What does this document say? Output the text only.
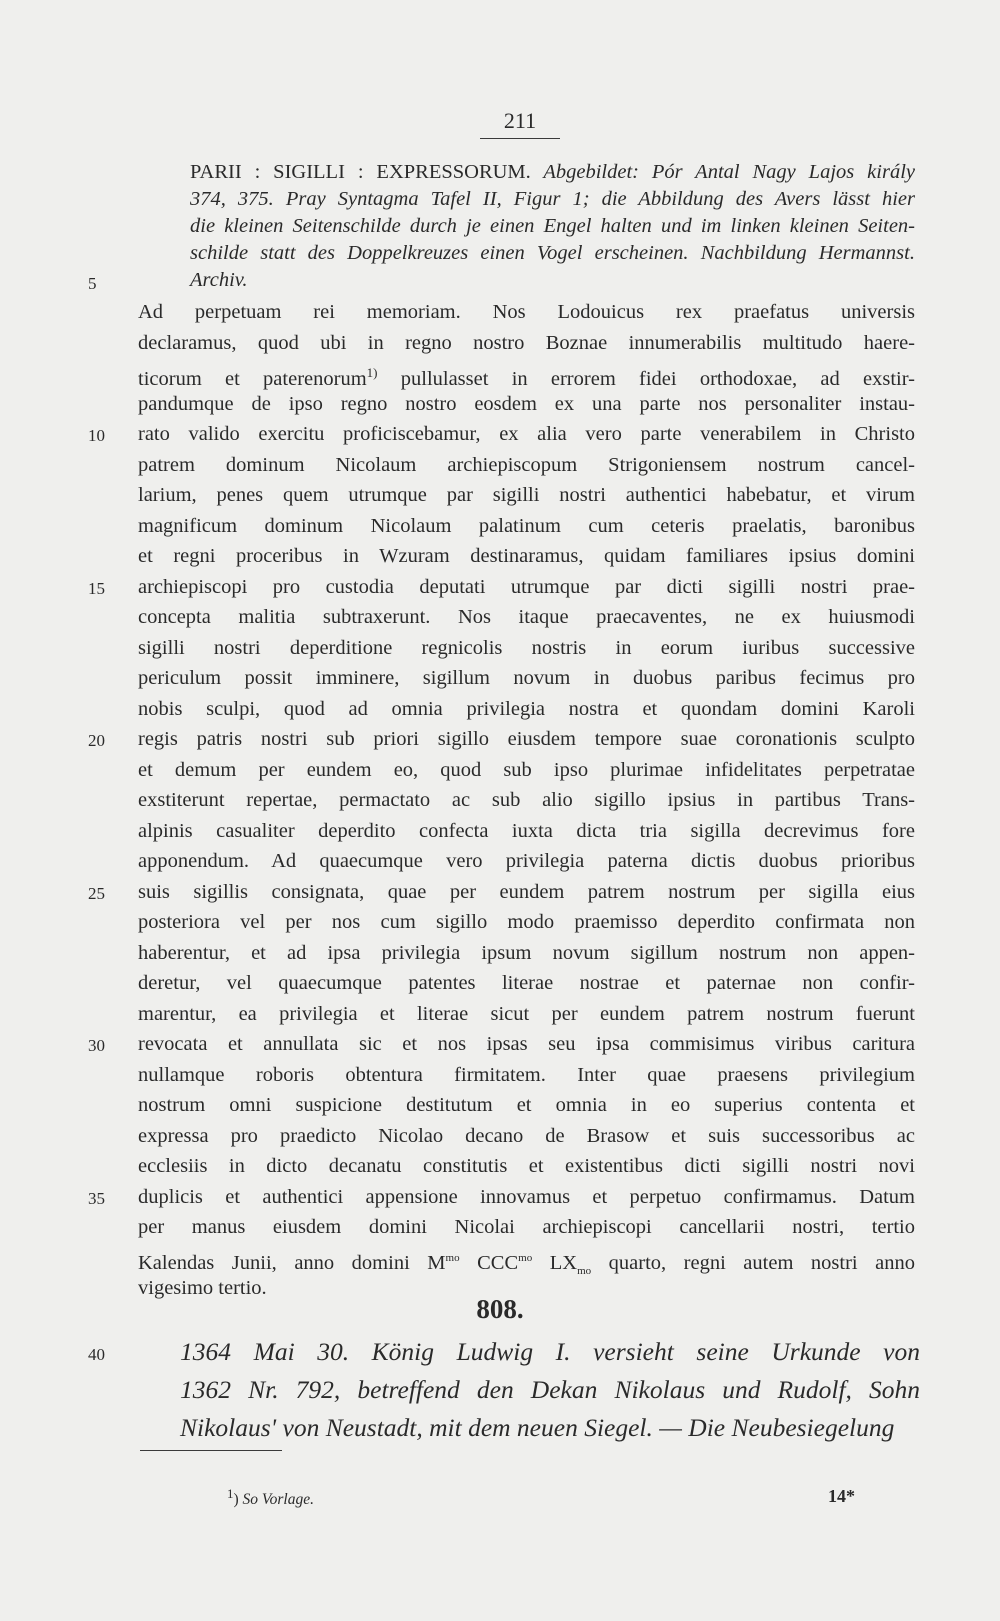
211
PARII : SIGILLI : EXPRESSORUM. Abgebildet: Pór Antal Nagy Lajos király
374, 375. Pray Syntagma Tafel II, Figur 1; die Abbildung des Avers lässt hier
die kleinen Seitenschilde durch je einen Engel halten und im linken kleinen Seiten-
schilde statt des Doppelkreuzes einen Vogel erscheinen. Nachbildung Hermannst.
Archiv.
5
Ad perpetuam rei memoriam. Nos Lodouicus rex praefatus universis
declaramus, quod ubi in regno nostro Boznae innumerabilis multitudo haere-
ticorum et paterenorum$^{1)}$ pullulasset in errorem fidei orthodoxae, ad exstir-
pandumque de ipso regno nostro eosdem ex una parte nos personaliter instau-
rato valido exercitu proficiscebamur, ex alia vero parte venerabilem in Christo
10
patrem dominum Nicolaum archiepiscopum Strigoniensem nostrum cancel-
larium, penes quem utrumque par sigilli nostri authentici habebatur, et virum
magnificum dominum Nicolaum palatinum cum ceteris praelatis, baronibus
et regni proceribus in Wzuram destinaramus, quidam familiares ipsius domini
archiepiscopi pro custodia deputati utrumque par dicti sigilli nostri prae-
15
concepta malitia subtraxerunt. Nos itaque praecaventes, ne ex huiusmodi
sigilli nostri deperditione regnicolis nostris in eorum iuribus successive
periculum possit imminere, sigillum novum in duobus paribus fecimus pro
nobis sculpi, quod ad omnia privilegia nostra et quondam domini Karoli
regis patris nostri sub priori sigillo eiusdem tempore suae coronationis sculpto
20
et demum per eundem eo, quod sub ipso plurimae infidelitates perpetratae
exstiterunt repertae, permactato ac sub alio sigillo ipsius in partibus Trans-
alpinis casualiter deperdito confecta iuxta dicta tria sigilla decrevimus fore
apponendum. Ad quaecumque vero privilegia paterna dictis duobus prioribus
suis sigillis consignata, quae per eundem patrem nostrum per sigilla eius
25
posteriora vel per nos cum sigillo modo praemisso deperdito confirmata non
haberentur, et ad ipsa privilegia ipsum novum sigillum nostrum non appen-
deretur, vel quaecumque patentes literae nostrae et paternae non confir-
marentur, ea privilegia et literae sicut per eundem patrem nostrum fuerunt
revocata et annullata sic et nos ipsas seu ipsa commisimus viribus caritura
30
nullamque roboris obtentura firmitatem. Inter quae praesens privilegium
nostrum omni suspicione destitutum et omnia in eo superius contenta et
expressa pro praedicto Nicolao decano de Brasow et suis successoribus ac
ecclesiis in dicto decanatu constitutis et existentibus dicti sigilli nostri novi
duplicis et authentici appensione innovamus et perpetuo confirmamus. Datum
35
per manus eiusdem domini Nicolai archiepiscopi cancellarii nostri, tertio
Kalendas Junii, anno domini $M^{mo}$ $CCC^{mo}$ $LX_{mo}$ quarto, regni autem nostri anno
vigesimo tertio.
808.
1364 Mai 30. König Ludwig I. versieht seine Urkunde von
40
1362 Nr. 792, betreffend den Dekan Nikolaus und Rudolf, Sohn
Nikolaus' von Neustadt, mit dem neuen Siegel. — Die Neubesiegelung
$^1$) So Vorlage.	14*
